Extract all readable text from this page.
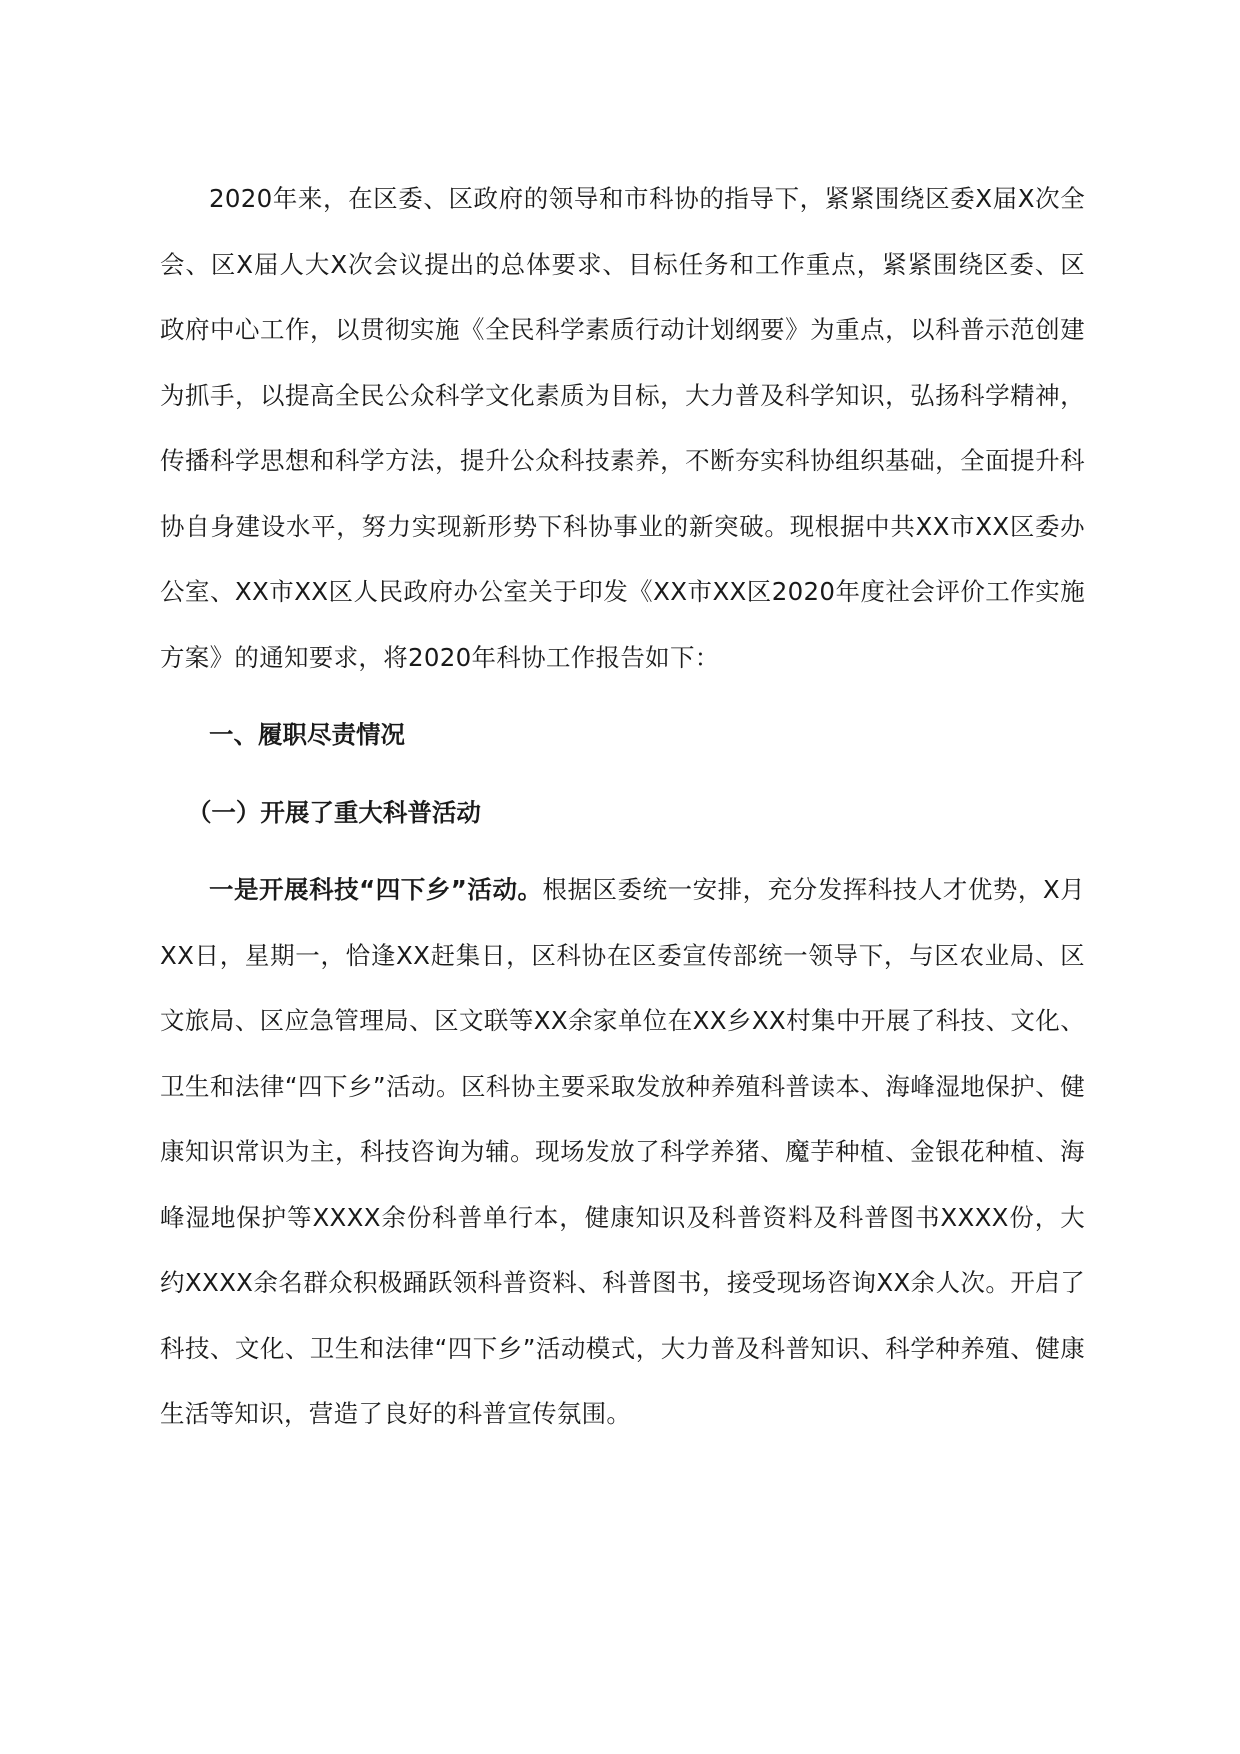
2020年来，在区委、区政府的领导和市科协的指导下，紧紧围绕区委X届X次全会、区X届人大X次会议提出的总体要求、目标任务和工作重点，紧紧围绕区委、区政府中心工作，以贯彻实施《全民科学素质行动计划纲要》为重点，以科普示范创建为抓手，以提高全民公众科学文化素质为目标，大力普及科学知识，弘扬科学精神，传播科学思想和科学方法，提升公众科技素养，不断夯实科协组织基础，全面提升科协自身建设水平，努力实现新形势下科协事业的新突破。现根据中共XX市XX区委办公室、XX市XX区人民政府办公室关于印发《XX市XX区2020年度社会评价工作实施方案》的通知要求，将2020年科协工作报告如下：

一、履职尽责情况

（一）开展了重大科普活动

一是开展科技“四下乡”活动。根据区委统一安排，充分发挥科技人才优势，X月XX日，星期一，恰逢XX赶集日，区科协在区委宣传部统一领导下，与区农业局、区文旅局、区应急管理局、区文联等XX余家单位在XX乡XX村集中开展了科技、文化、卫生和法律“四下乡”活动。区科协主要采取发放种养殖科普读本、海峰湿地保护、健康知识常识为主，科技咨询为辅。现场发放了科学养猪、魔芋种植、金银花种植、海峰湿地保护等XXXX余份科普单行本，健康知识及科普资料及科普图书XXXX份，大约XXXX余名群众积极踊跃领科普资料、科普图书，接受现场咨询XX余人次。开启了科技、文化、卫生和法律“四下乡”活动模式，大力普及科普知识、科学种养殖、健康生活等知识，营造了良好的科普宣传氛围。
